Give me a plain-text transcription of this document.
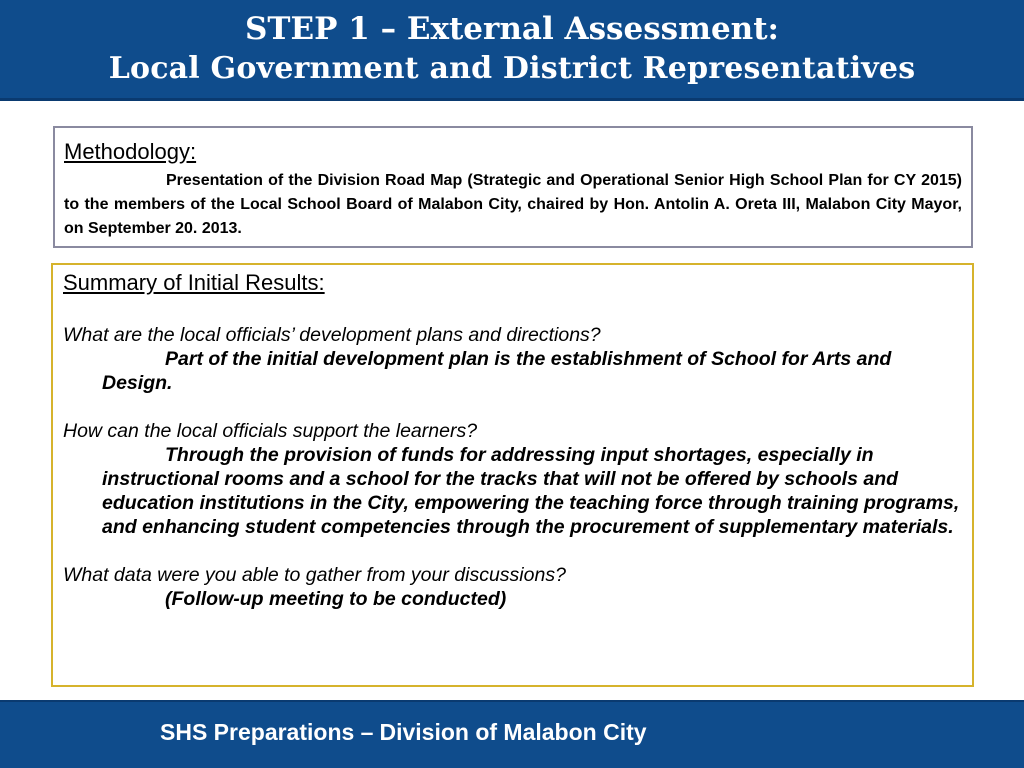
STEP 1 – External Assessment:
Local Government and District Representatives

Methodology:

Presentation of the Division Road Map (Strategic and Operational Senior High School Plan for CY 2015) to the members of the Local School Board of Malabon City, chaired by Hon. Antolin A. Oreta III, Malabon City Mayor, on September 20. 2013.

Summary of Initial Results:

What are the local officials’ development plans and directions?

Part of the initial development plan is the establishment of School for Arts and Design.

How can the local officials support the learners?

Through the provision of funds for addressing input shortages, especially in instructional rooms and a school for the tracks that will not be offered by schools and education institutions in the City, empowering the teaching force through training programs, and enhancing student competencies through the procurement of supplementary materials.

What data were you able to gather from your discussions?

(Follow-up meeting to be conducted)

SHS Preparations – Division of Malabon City
